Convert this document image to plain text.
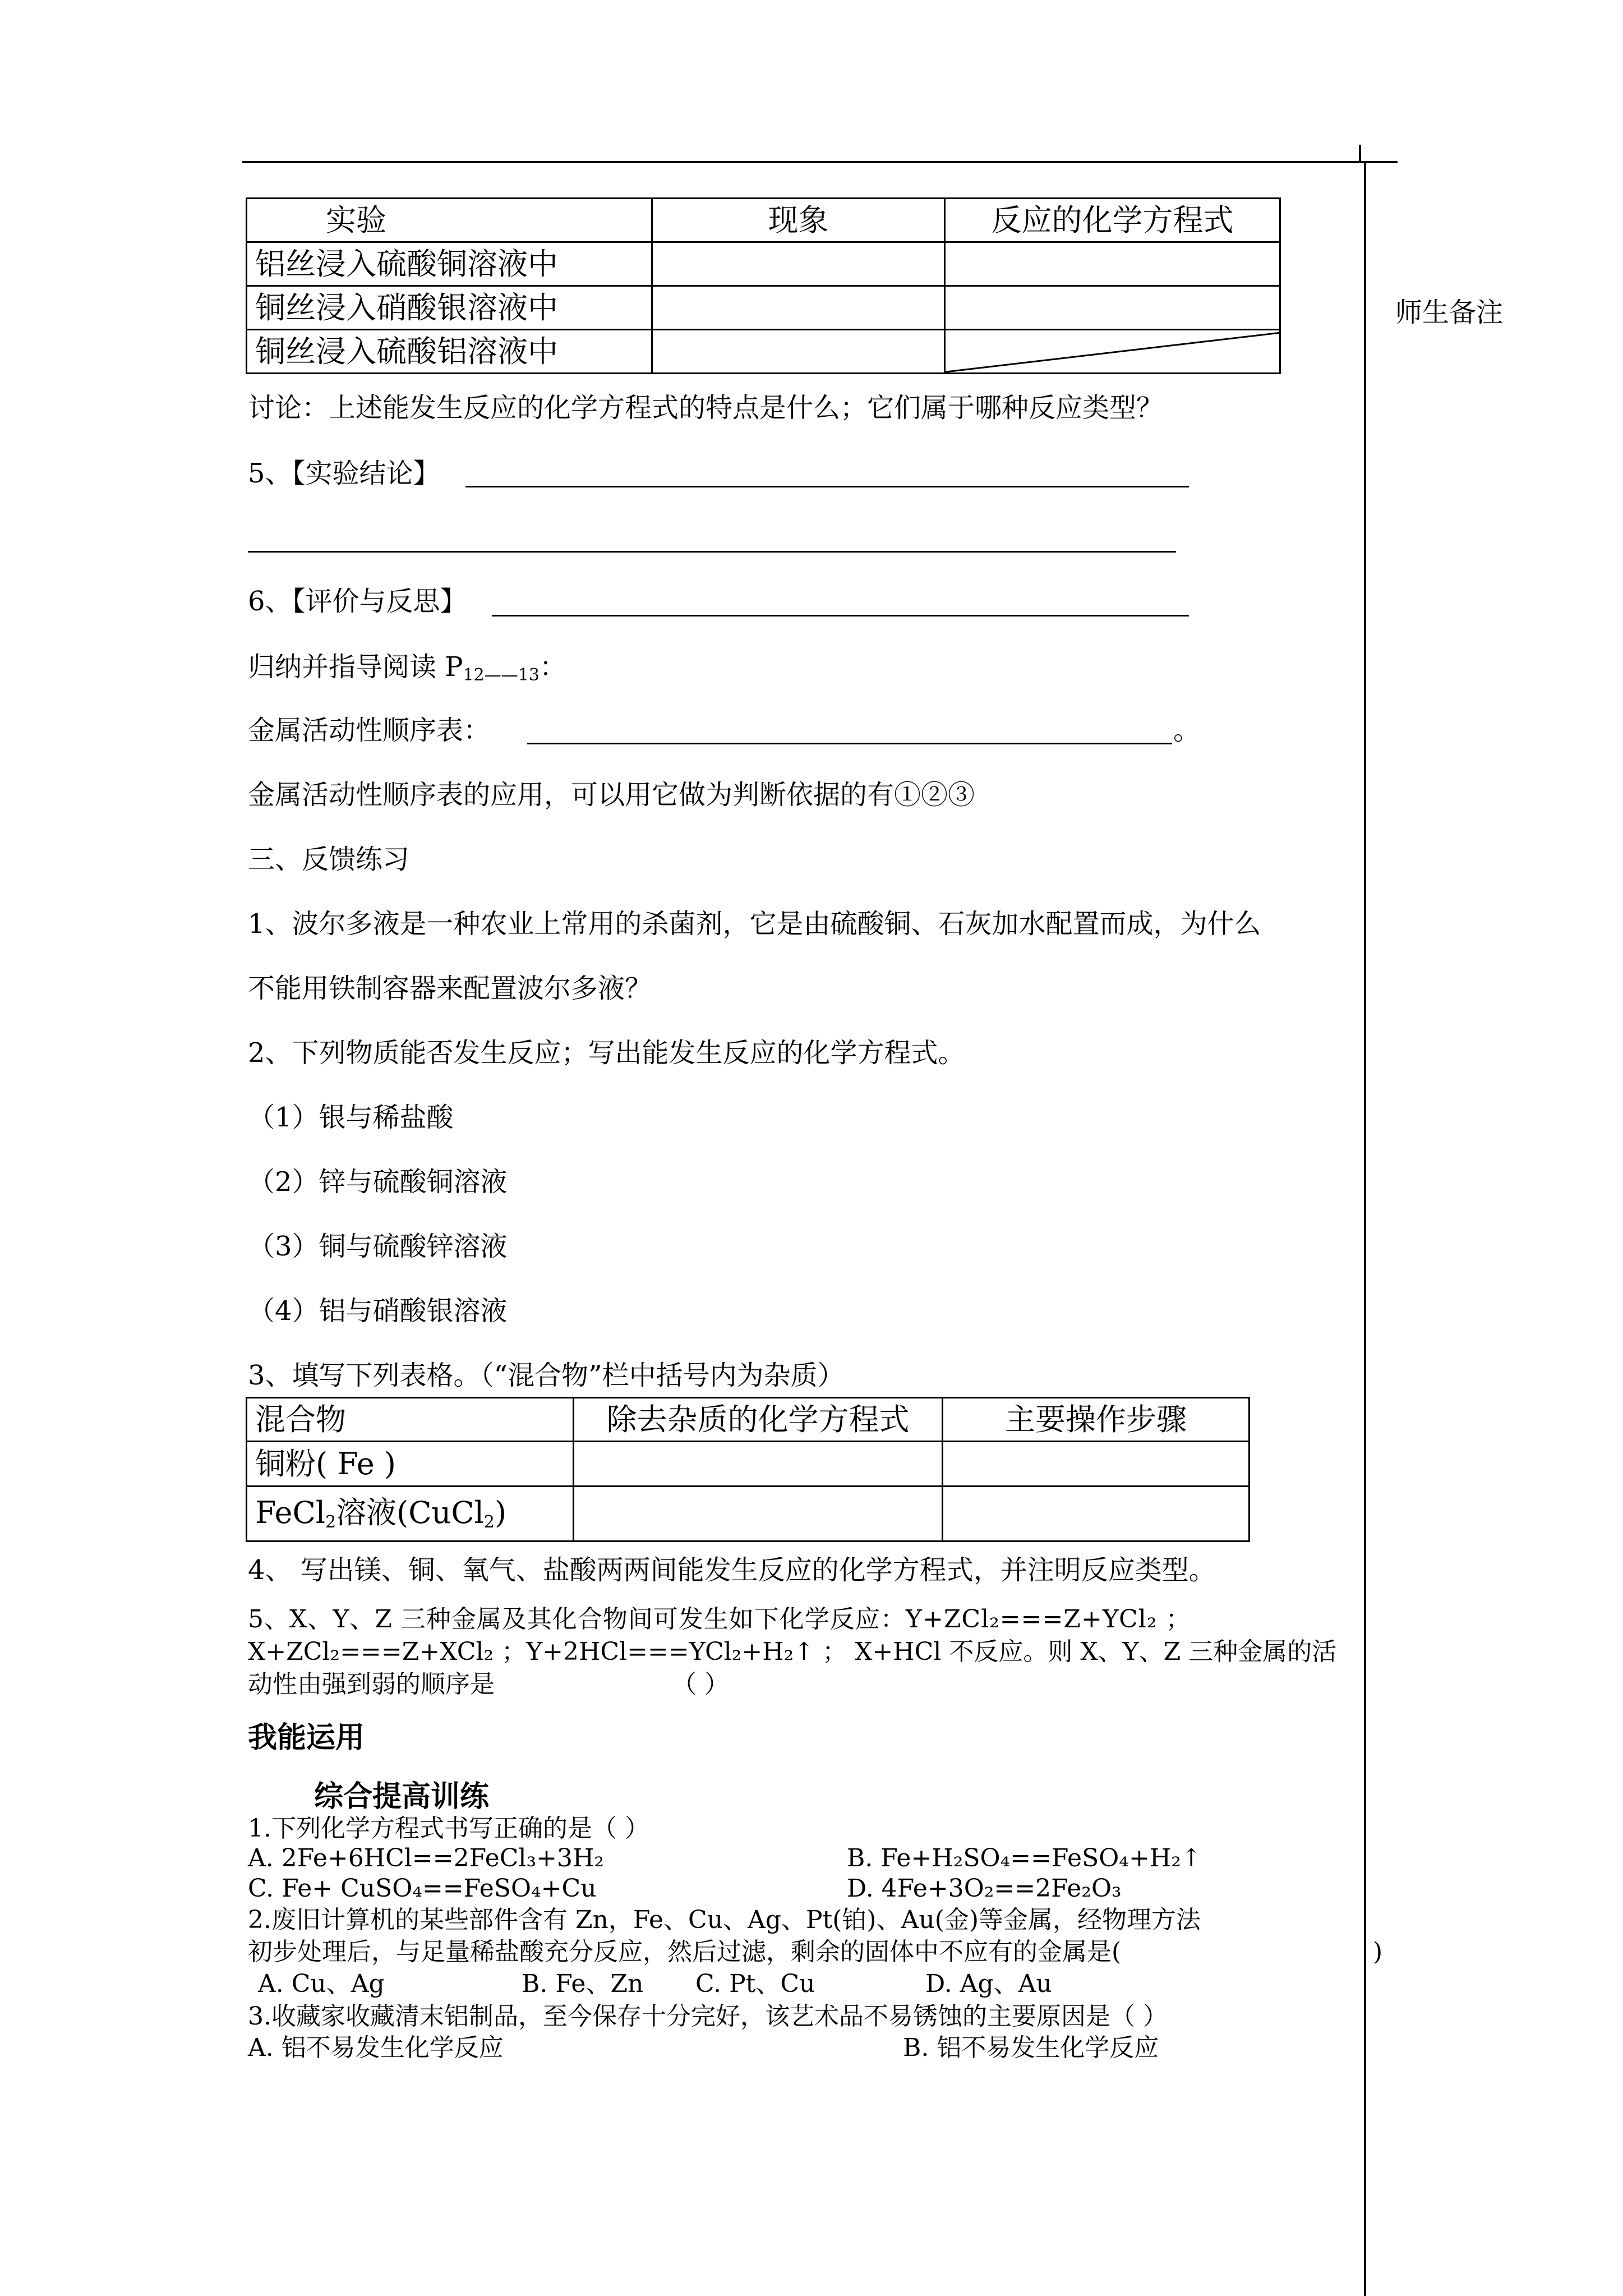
师生备注
实验	现象	反应的化学方程式
铝丝浸入硫酸铜溶液中		
铜丝浸入硝酸银溶液中		
铜丝浸入硫酸铝溶液中		
讨论：上述能发生反应的化学方程式的特点是什么；它们属于哪种反应类型？
5、【实验结论】
6、【评价与反思】
归纳并指导阅读 $P_{12——13}$：
金属活动性顺序表：	。
金属活动性顺序表的应用，可以用它做为判断依据的有①②③
三、反馈练习
1、波尔多液是一种农业上常用的杀菌剂，它是由硫酸铜、石灰加水配置而成，为什么
不能用铁制容器来配置波尔多液？
2、下列物质能否发生反应；写出能发生反应的化学方程式。
（1）银与稀盐酸
（2）锌与硫酸铜溶液
（3）铜与硫酸锌溶液
（4）铝与硝酸银溶液
3、填写下列表格。（“混合物”栏中括号内为杂质）
混合物	除去杂质的化学方程式	主要操作步骤
铜粉( Fe )		
FeCl$_2$溶液(CuCl$_2$)		
4、 写出镁、铜、氧气、盐酸两两间能发生反应的化学方程式，并注明反应类型。
5、X、Y、Z 三种金属及其化合物间可发生如下化学反应：Y+ZCl₂===Z+YCl₂ ；
X+ZCl₂===Z+XCl₂ ；Y+2HCl===YCl₂+H₂↑ ； X+HCl 不反应。则 X、Y、Z 三种金属的活
动性由强到弱的顺序是	（ ）
我能运用
综合提高训练
1.下列化学方程式书写正确的是（ ）
A. 2Fe+6HCl==2FeCl₃+3H₂	B. Fe+H₂SO₄==FeSO₄+H₂↑
C. Fe+ CuSO₄==FeSO₄+Cu	D. 4Fe+3O₂==2Fe₂O₃
2.废旧计算机的某些部件含有 Zn，Fe、Cu、Ag、Pt(铂)、Au(金)等金属，经物理方法
初步处理后，与足量稀盐酸充分反应，然后过滤，剩余的固体中不应有的金属是(	)
A. Cu、Ag	B. Fe、Zn C. Pt、Cu	D. Ag、Au
3.收藏家收藏清末铝制品，至今保存十分完好，该艺术品不易锈蚀的主要原因是（ ）
A. 铝不易发生化学反应	B. 铝不易发生化学反应
